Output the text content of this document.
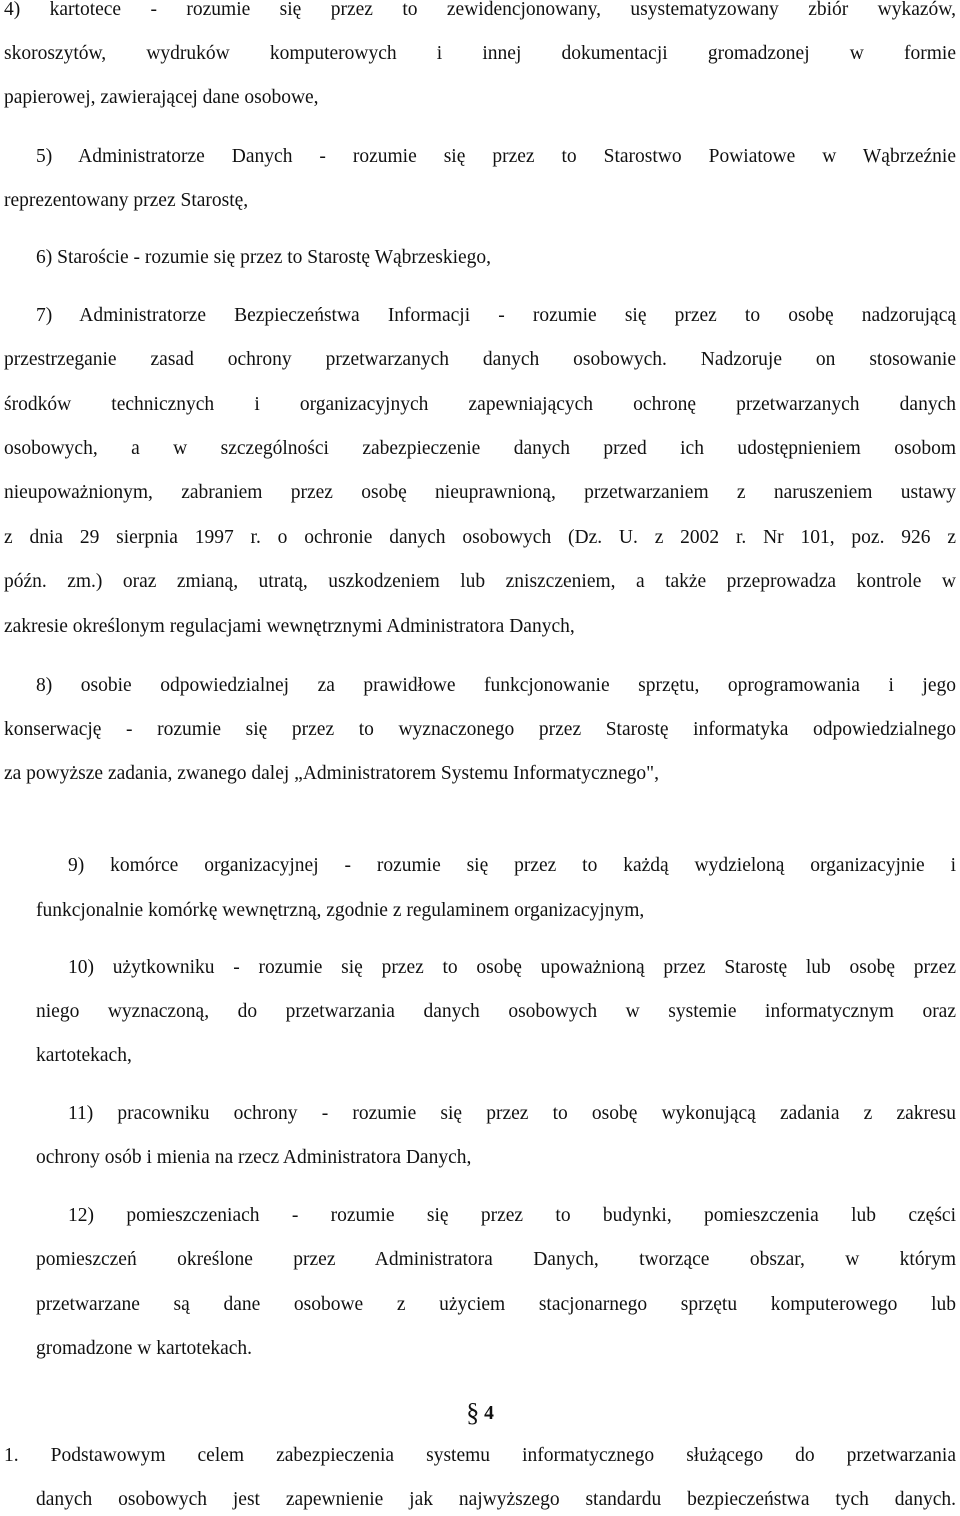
4) kartotece - rozumie się przez to zewidencjonowany, usystematyzowany zbiór wykazów,
skoroszytów, wydruków komputerowych i innej dokumentacji gromadzonej w formie
papierowej, zawierającej dane osobowe,
5) Administratorze Danych - rozumie się przez to Starostwo Powiatowe w Wąbrzeźnie
reprezentowany przez Starostę,
6) Staroście - rozumie się przez to Starostę Wąbrzeskiego,
7) Administratorze Bezpieczeństwa Informacji - rozumie się przez to osobę nadzorującą
przestrzeganie zasad ochrony przetwarzanych danych osobowych. Nadzoruje on stosowanie
środków technicznych i organizacyjnych zapewniających ochronę przetwarzanych danych
osobowych, a w szczególności zabezpieczenie danych przed ich udostępnieniem osobom
nieupoważnionym, zabraniem przez osobę nieuprawnioną, przetwarzaniem z naruszeniem ustawy
z dnia 29 sierpnia 1997 r. o ochronie danych osobowych (Dz. U. z 2002 r. Nr 101, poz. 926 z
późn. zm.) oraz zmianą, utratą, uszkodzeniem lub zniszczeniem, a także przeprowadza kontrole w
zakresie określonym regulacjami wewnętrznymi Administratora Danych,
8) osobie odpowiedzialnej za prawidłowe funkcjonowanie sprzętu, oprogramowania i jego
konserwację - rozumie się przez to wyznaczonego przez Starostę informatyka odpowiedzialnego
za powyższe zadania, zwanego dalej „Administratorem Systemu Informatycznego",
9) komórce organizacyjnej - rozumie się przez to każdą wydzieloną organizacyjnie i
funkcjonalnie komórkę wewnętrzną, zgodnie z regulaminem organizacyjnym,
10) użytkowniku - rozumie się przez to osobę upoważnioną przez Starostę lub osobę przez
niego wyznaczoną, do przetwarzania danych osobowych w systemie informatycznym oraz
kartotekach,
11) pracowniku ochrony - rozumie się przez to osobę wykonującą zadania z zakresu
ochrony osób i mienia na rzecz Administratora Danych,
12) pomieszczeniach - rozumie się przez to budynki, pomieszczenia lub części
pomieszczeń określone przez Administratora Danych, tworzące obszar, w którym
przetwarzane są dane osobowe z użyciem stacjonarnego sprzętu komputerowego lub
gromadzone w kartotekach.
§ 4
1. Podstawowym celem zabezpieczenia systemu informatycznego służącego do przetwarzania
danych osobowych jest zapewnienie jak najwyższego standardu bezpieczeństwa tych danych.
